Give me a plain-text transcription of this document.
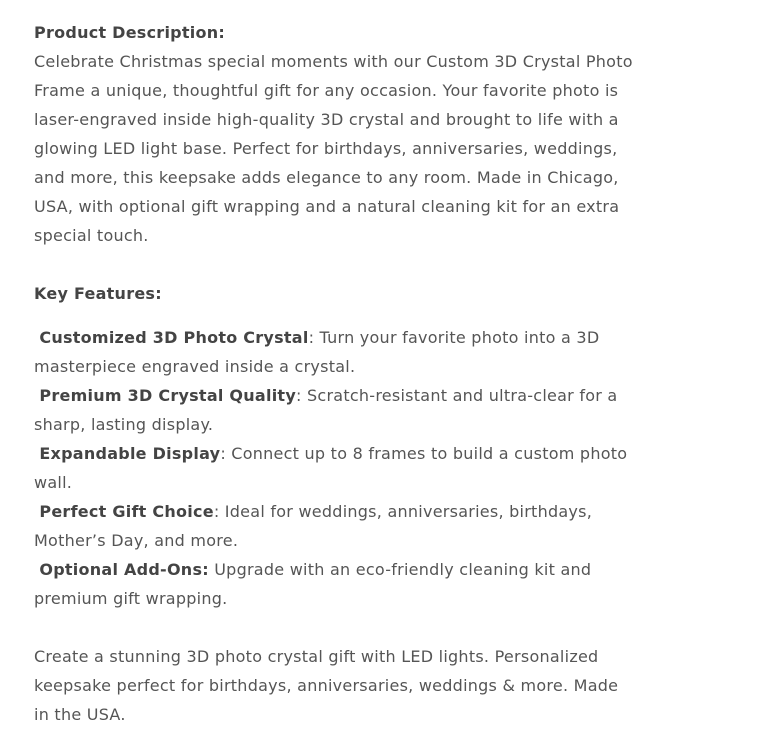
Product Description:

Celebrate Christmas special moments with our Custom 3D Crystal Photo Frame a unique, thoughtful gift for any occasion. Your favorite photo is laser-engraved inside high-quality 3D crystal and brought to life with a glowing LED light base. Perfect for birthdays, anniversaries, weddings, and more, this keepsake adds elegance to any room. Made in Chicago, USA, with optional gift wrapping and a natural cleaning kit for an extra special touch.

Key Features:

Customized 3D Photo Crystal: Turn your favorite photo into a 3D masterpiece engraved inside a crystal.

Premium 3D Crystal Quality: Scratch-resistant and ultra-clear for a sharp, lasting display.

Expandable Display: Connect up to 8 frames to build a custom photo wall.

Perfect Gift Choice: Ideal for weddings, anniversaries, birthdays, Mother’s Day, and more.

Optional Add-Ons: Upgrade with an eco-friendly cleaning kit and premium gift wrapping.

Create a stunning 3D photo crystal gift with LED lights. Personalized keepsake perfect for birthdays, anniversaries, weddings & more. Made in the USA.
